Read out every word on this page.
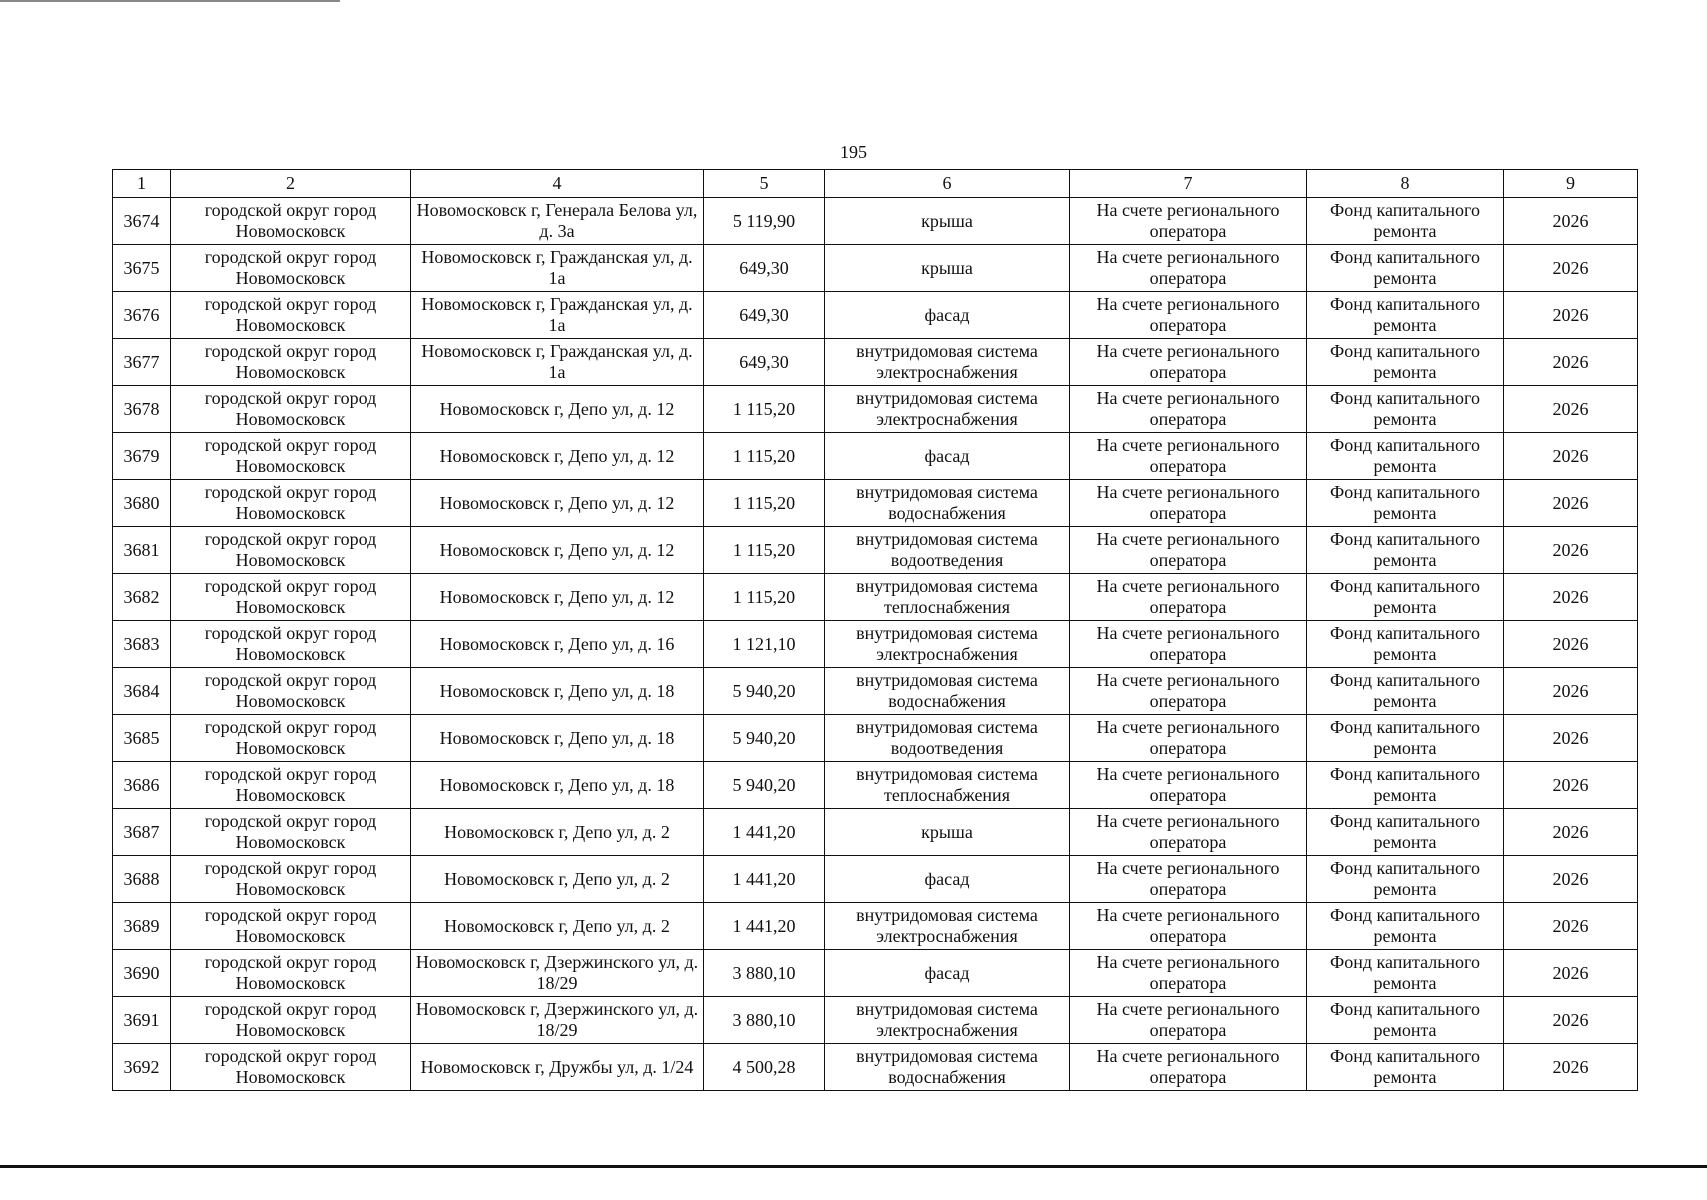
195
1	2	4	5	6	7	8	9
3674	городской округ город Новомосковск	Новомосковск г, Генерала Белова ул, д. 3а	5 119,90	крыша	На счете регионального оператора	Фонд капитального ремонта	2026
3675	городской округ город Новомосковск	Новомосковск г, Гражданская ул, д. 1а	649,30	крыша	На счете регионального оператора	Фонд капитального ремонта	2026
3676	городской округ город Новомосковск	Новомосковск г, Гражданская ул, д. 1а	649,30	фасад	На счете регионального оператора	Фонд капитального ремонта	2026
3677	городской округ город Новомосковск	Новомосковск г, Гражданская ул, д. 1а	649,30	внутридомовая система электроснабжения	На счете регионального оператора	Фонд капитального ремонта	2026
3678	городской округ город Новомосковск	Новомосковск г, Депо ул, д. 12	1 115,20	внутридомовая система электроснабжения	На счете регионального оператора	Фонд капитального ремонта	2026
3679	городской округ город Новомосковск	Новомосковск г, Депо ул, д. 12	1 115,20	фасад	На счете регионального оператора	Фонд капитального ремонта	2026
3680	городской округ город Новомосковск	Новомосковск г, Депо ул, д. 12	1 115,20	внутридомовая система водоснабжения	На счете регионального оператора	Фонд капитального ремонта	2026
3681	городской округ город Новомосковск	Новомосковск г, Депо ул, д. 12	1 115,20	внутридомовая система водоотведения	На счете регионального оператора	Фонд капитального ремонта	2026
3682	городской округ город Новомосковск	Новомосковск г, Депо ул, д. 12	1 115,20	внутридомовая система теплоснабжения	На счете регионального оператора	Фонд капитального ремонта	2026
3683	городской округ город Новомосковск	Новомосковск г, Депо ул, д. 16	1 121,10	внутридомовая система электроснабжения	На счете регионального оператора	Фонд капитального ремонта	2026
3684	городской округ город Новомосковск	Новомосковск г, Депо ул, д. 18	5 940,20	внутридомовая система водоснабжения	На счете регионального оператора	Фонд капитального ремонта	2026
3685	городской округ город Новомосковск	Новомосковск г, Депо ул, д. 18	5 940,20	внутридомовая система водоотведения	На счете регионального оператора	Фонд капитального ремонта	2026
3686	городской округ город Новомосковск	Новомосковск г, Депо ул, д. 18	5 940,20	внутридомовая система теплоснабжения	На счете регионального оператора	Фонд капитального ремонта	2026
3687	городской округ город Новомосковск	Новомосковск г, Депо ул, д. 2	1 441,20	крыша	На счете регионального оператора	Фонд капитального ремонта	2026
3688	городской округ город Новомосковск	Новомосковск г, Депо ул, д. 2	1 441,20	фасад	На счете регионального оператора	Фонд капитального ремонта	2026
3689	городской округ город Новомосковск	Новомосковск г, Депо ул, д. 2	1 441,20	внутридомовая система электроснабжения	На счете регионального оператора	Фонд капитального ремонта	2026
3690	городской округ город Новомосковск	Новомосковск г, Дзержинского ул, д. 18/29	3 880,10	фасад	На счете регионального оператора	Фонд капитального ремонта	2026
3691	городской округ город Новомосковск	Новомосковск г, Дзержинского ул, д. 18/29	3 880,10	внутридомовая система электроснабжения	На счете регионального оператора	Фонд капитального ремонта	2026
3692	городской округ город Новомосковск	Новомосковск г, Дружбы ул, д. 1/24	4 500,28	внутридомовая система водоснабжения	На счете регионального оператора	Фонд капитального ремонта	2026
